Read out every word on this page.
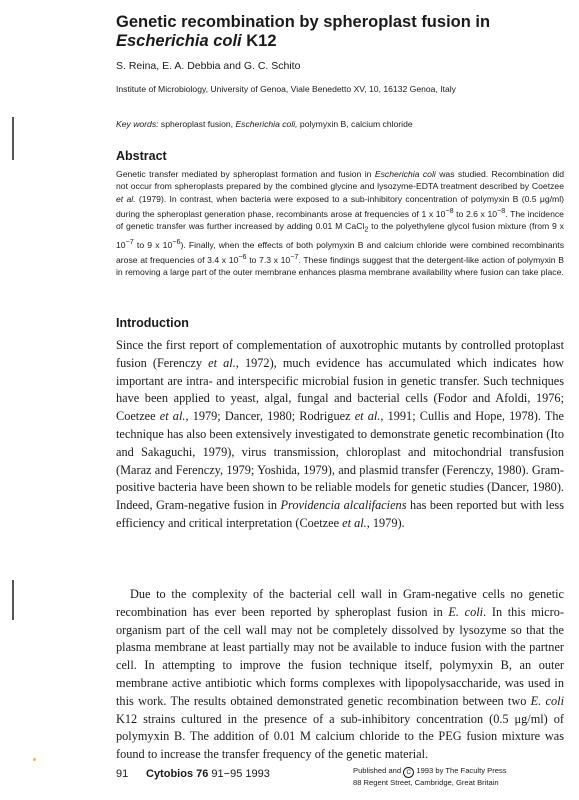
Genetic recombination by spheroplast fusion in
Escherichia coli K12

S. Reina, E. A. Debbia and G. C. Schito

Institute of Microbiology, University of Genoa, Viale Benedetto XV, 10, 16132 Genoa, Italy

Key words: spheroplast fusion, Escherichia coli, polymyxin B, calcium chloride

Abstract

Genetic transfer mediated by spheroplast formation and fusion in Escherichia coli was studied. Recombination did not occur from spheroplasts prepared by the combined glycine and lysozyme-EDTA treatment described by Coetzee et al. (1979). In contrast, when bacteria were exposed to a sub-inhibitory concentration of polymyxin B (0.5 μg/ml) during the spheroplast generation phase, recombinants arose at frequencies of 1 x $10^{-8}$ to 2.6 x $10^{-8}$. The incidence of genetic transfer was further increased by adding 0.01 M CaCl$_2$ to the polyethylene glycol fusion mixture (from 9 x $10^{-7}$ to 9 x $10^{-6}$). Finally, when the effects of both polymyxin B and calcium chloride were combined recombinants arose at frequencies of 3.4 x $10^{-6}$ to 7.3 x $10^{-7}$. These findings suggest that the detergent-like action of polymyxin B in removing a large part of the outer membrane enhances plasma membrane availability where fusion can take place.

Introduction

Since the first report of complementation of auxotrophic mutants by controlled protoplast fusion (Ferenczy et al., 1972), much evidence has accumulated which indicates how important are intra- and interspecific microbial fusion in genetic transfer. Such techniques have been applied to yeast, algal, fungal and bacterial cells (Fodor and Afoldi, 1976; Coetzee et al., 1979; Dancer, 1980; Rodriguez et al., 1991; Cullis and Hope, 1978). The technique has also been extensively investigated to demonstrate genetic recombination (Ito and Sakaguchi, 1979), virus transmission, chloroplast and mitochondrial transfusion (Maraz and Ferenczy, 1979; Yoshida, 1979), and plasmid transfer (Ferenczy, 1980). Gram-positive bacteria have been shown to be reliable models for genetic studies (Dancer, 1980). Indeed, Gram-negative fusion in Providencia alcalifaciens has been reported but with less efficiency and critical interpretation (Coetzee et al., 1979).

Due to the complexity of the bacterial cell wall in Gram-negative cells no genetic recombination has ever been reported by spheroplast fusion in E. coli. In this micro-organism part of the cell wall may not be completely dissolved by lysozyme so that the plasma membrane at least partially may not be available to induce fusion with the partner cell. In attempting to improve the fusion technique itself, polymyxin B, an outer membrane active antibiotic which forms complexes with lipopolysaccharide, was used in this work. The results obtained demonstrated genetic recombination between two E. coli K12 strains cultured in the presence of a sub-inhibitory concentration (0.5 μg/ml) of polymyxin B. The addition of 0.01 M calcium chloride to the PEG fusion mixture was found to increase the transfer frequency of the genetic material.

91 Cytobios 76 91−95 1993	Published and C 1993 by The Faculty Press
88 Regent Street, Cambridge, Great Britain
